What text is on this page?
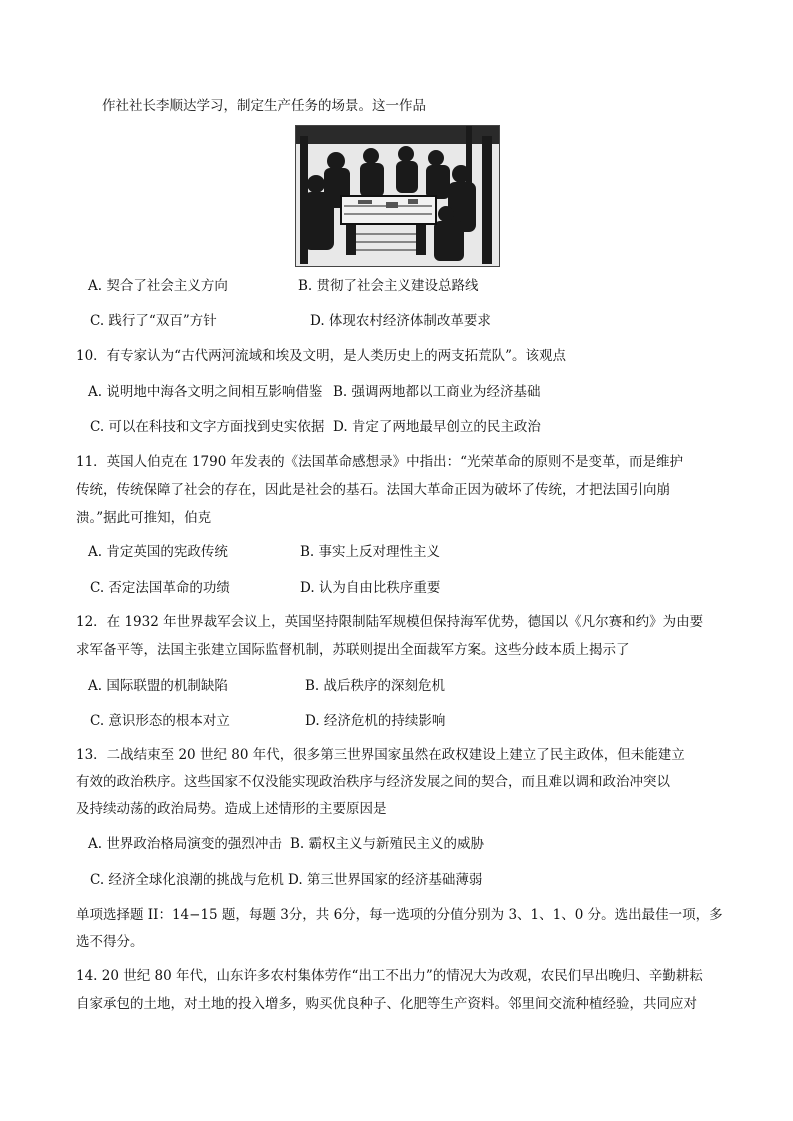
作社社长李顺达学习，制定生产任务的场景。这一作品
A. 契合了社会主义方向	B. 贯彻了社会主义建设总路线
C. 践行了“双百”方针	D. 体现农村经济体制改革要求
10．有专家认为“古代两河流域和埃及文明，是人类历史上的两支拓荒队”。该观点
A. 说明地中海各文明之间相互影响借鉴 B. 强调两地都以工商业为经济基础
C. 可以在科技和文字方面找到史实依据 D. 肯定了两地最早创立的民主政治
11．英国人伯克在 1790 年发表的《法国革命感想录》中指出：“光荣革命的原则不是变革，而是维护
传统，传统保障了社会的存在，因此是社会的基石。法国大革命正因为破坏了传统，才把法国引向崩
溃。”据此可推知，伯克
A. 肯定英国的宪政传统	B. 事实上反对理性主义
C. 否定法国革命的功绩	D. 认为自由比秩序重要
12．在 1932 年世界裁军会议上，英国坚持限制陆军规模但保持海军优势，德国以《凡尔赛和约》为由要
求军备平等，法国主张建立国际监督机制，苏联则提出全面裁军方案。这些分歧本质上揭示了
A. 国际联盟的机制缺陷	B. 战后秩序的深刻危机
C. 意识形态的根本对立	D. 经济危机的持续影响
13．二战结束至 20 世纪 80 年代，很多第三世界国家虽然在政权建设上建立了民主政体，但未能建立
有效的政治秩序。这些国家不仅没能实现政治秩序与经济发展之间的契合，而且难以调和政治冲突以
及持续动荡的政治局势。造成上述情形的主要原因是
A. 世界政治格局演变的强烈冲击 B. 霸权主义与新殖民主义的威胁
C. 经济全球化浪潮的挑战与危机 D. 第三世界国家的经济基础薄弱
单项选择题 II：14−15 题，每题 3分，共 6分，每一选项的分值分别为 3、1、1、0 分。选出最佳一项，多
选不得分。
14. 20 世纪 80 年代，山东许多农村集体劳作“出工不出力”的情况大为改观，农民们早出晚归、辛勤耕耘
自家承包的土地，对土地的投入增多，购买优良种子、化肥等生产资料。邻里间交流种植经验，共同应对
